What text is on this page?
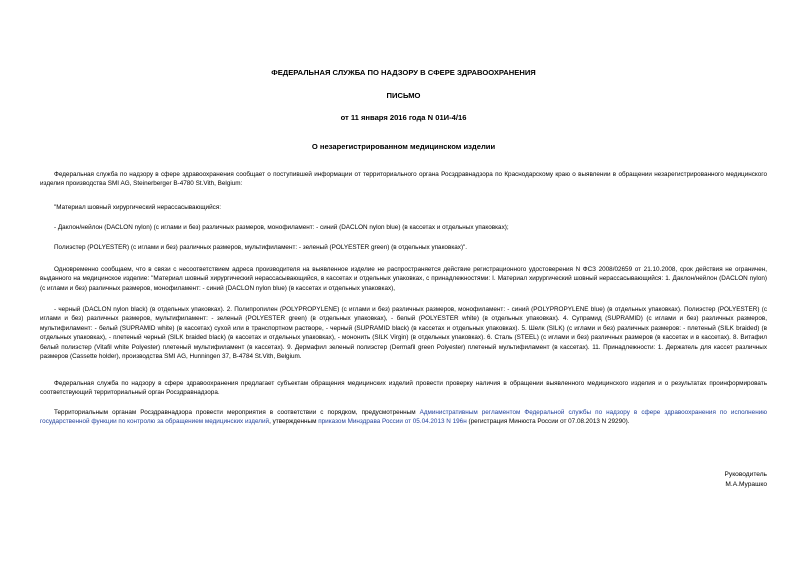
ФЕДЕРАЛЬНАЯ СЛУЖБА ПО НАДЗОРУ В СФЕРЕ ЗДРАВООХРАНЕНИЯ
ПИСЬМО
от 11 января 2016 года N 01И-4/16
О незарегистрированном медицинском изделии

Федеральная служба по надзору в сфере здравоохранения сообщает о поступившей информации от территориального органа Росздравнадзора по Краснодарскому краю о выявлении в обращении незарегистрированного медицинского изделия производства SMI AG, Steinerberger B-4780 St.Vith, Belgium:

"Материал шовный хирургический нерассасывающийся:

- Даклон/нейлон (DACLON nylon) (с иглами и без) различных размеров, монофиламент: - синий (DACLON nylon blue) (в кассетах и отдельных упаковках);

Полиэстер (POLYESTER) (с иглами и без) различных размеров, мультифиламент: - зеленый (POLYESTER green) (в отдельных упаковках)".

Одновременно сообщаем, что в связи с несоответствием адреса производителя на выявленное изделие не распространяется действие регистрационного удостоверения N ФСЗ 2008/02659 от 21.10.2008, срок действия не ограничен, выданного на медицинское изделие: "Материал шовный хирургический нерассасывающийся, в кассетах и отдельных упаковках, с принадлежностями: I. Материал хирургический шовный нерассасывающийся: 1. Даклон/нейлон (DACLON nylon) (с иглами и без) различных размеров, монофиламент: - синий (DACLON nylon blue) (в кассетах и отдельных упаковках),

- черный (DACLON nylon black) (в отдельных упаковках). 2. Полипропилен (POLYPROPYLENE) (с иглами и без) различных размеров, монофиламент: - синий (POLYPROPYLENE blue) (в отдельных упаковках). Полиэстер (POLYESTER) (с иглами и без) различных размеров, мультифиламент: - зеленый (POLYESTER green) (в отдельных упаковках), - белый (POLYESTER white) (в отдельных упаковках). 4. Супрамид (SUPRAMID) (с иглами и без) различных размеров, мультифиламент: - белый (SUPRAMID white) (в кассетах) сухой или в транспортном растворе, - черный (SUPRAMID black) (в кассетах и отдельных упаковках). 5. Шелк (SILK) (с иглами и без) различных размеров: - плетеный (SILK braided) (в отдельных упаковках), - плетеный черный (SILK braided black) (в кассетах и отдельных упаковках), - мононить (SILK Virgin) (в отдельных упаковках). 6. Сталь (STEEL) (с иглами и без) различных размеров (в кассетах и в кассетах). 8. Витафил белый полиэстер (Vitafil white Polyester) плетеный мультифиламент (в кассетах). 9. Дермафил зеленый полиэстер (Dermafil green Polyester) плетеный мультифиламент (в кассетах). 11. Принадлежности: 1. Держатель для кассет различных размеров (Cassette holder), производства SMI AG, Hunningen 37, B-4784 St.Vith, Belgium.

Федеральная служба по надзору в сфере здравоохранения предлагает субъектам обращения медицинских изделий провести проверку наличия в обращении выявленного медицинского изделия и о результатах проинформировать соответствующий территориальный орган Росздравнадзора.

Территориальным органам Росздравнадзора провести мероприятия в соответствии с порядком, предусмотренным Административным регламентом Федеральной службы по надзору в сфере здравоохранения по исполнению государственной функции по контролю за обращением медицинских изделий, утвержденным приказом Минздрава России от 05.04.2013 N 196н (регистрация Минюста России от 07.08.2013 N 29290).

Руководитель
М.А.Мурашко
